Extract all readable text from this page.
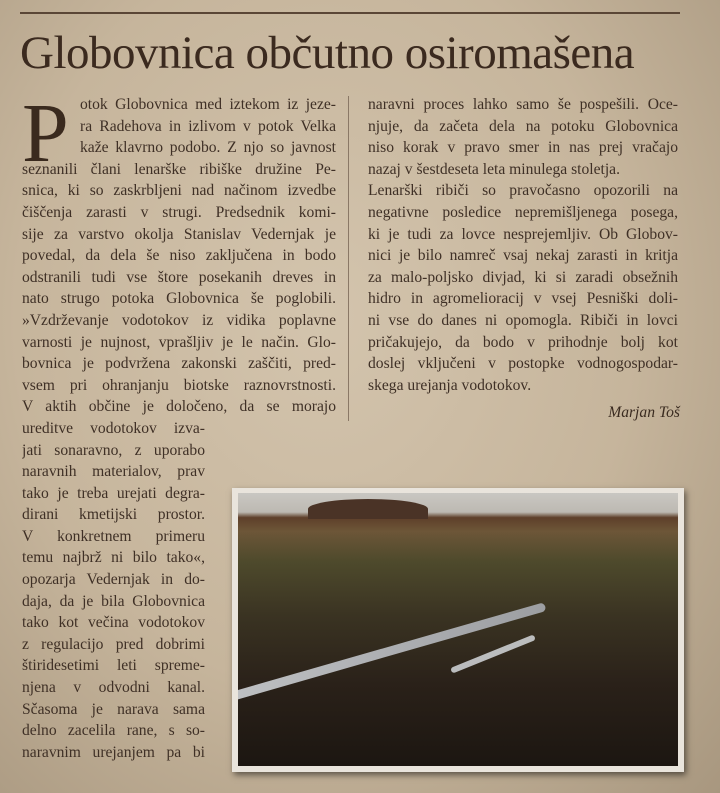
Globovnica občutno osiromašena
P otok Globovnica med iztekom iz jeze-
ra Radehova in izlivom v potok Velka
kaže klavrno podobo. Z njo so javnost
seznanili člani lenarške ribiške družine Pe-
snica, ki so zaskrbljeni nad načinom izvedbe
čiščenja zarasti v strugi. Predsednik komi-
sije za varstvo okolja Stanislav Vedernjak je
povedal, da dela še niso zaključena in bodo
odstranili tudi vse štore posekanih dreves in
nato strugo potoka Globovnica še poglobili.
»Vzdrževanje vodotokov iz vidika poplavne
varnosti je nujnost, vprašljiv je le način. Glo-
bovnica je podvržena zakonski zaščiti, pred-
vsem pri ohranjanju biotske raznovrstnosti.
V aktih občine je določeno, da se morajo
ureditve vodotokov izva-
jati sonaravno, z uporabo
naravnih materialov, prav
tako je treba urejati degra-
dirani kmetijski prostor.
V konkretnem primeru
temu najbrž ni bilo tako«,
opozarja Vedernjak in do-
daja, da je bila Globovnica
tako kot večina vodotokov
z regulacijo pred dobrimi
štiridesetimi leti spreme-
njena v odvodni kanal.
Sčasoma je narava sama
delno zacelila rane, s so-
naravnim urejanjem pa bi
naravni proces lahko samo še pospešili. Oce-
njuje, da začeta dela na potoku Globovnica
niso korak v pravo smer in nas prej vračajo
nazaj v šestdeseta leta minulega stoletja.
Lenarški ribiči so pravočasno opozorili na
negativne posledice nepremišljenega posega,
ki je tudi za lovce nesprejemljiv. Ob Globov-
nici je bilo namreč vsaj nekaj zarasti in kritja
za malo-poljsko divjad, ki si zaradi obsežnih
hidro in agromelioracij v vsej Pesniški doli-
ni vse do danes ni opomogla. Ribiči in lovci
pričakujejo, da bodo v prihodnje bolj kot
doslej vključeni v postopke vodnogospodar-
skega urejanja vodotokov.
Marjan Toš
